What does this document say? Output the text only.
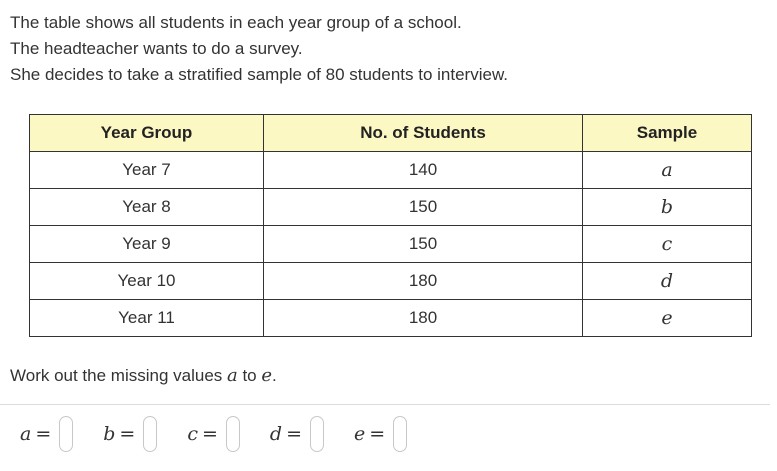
The table shows all students in each year group of a school.
The headteacher wants to do a survey.
She decides to take a stratified sample of 80 students to interview.
Year Group	No. of Students	Sample
Year 7	140	a
Year 8	150	b
Year 9	150	c
Year 10	180	d
Year 11	180	e
Work out the missing values a to e.
a =	b =	c =	d =	e =
